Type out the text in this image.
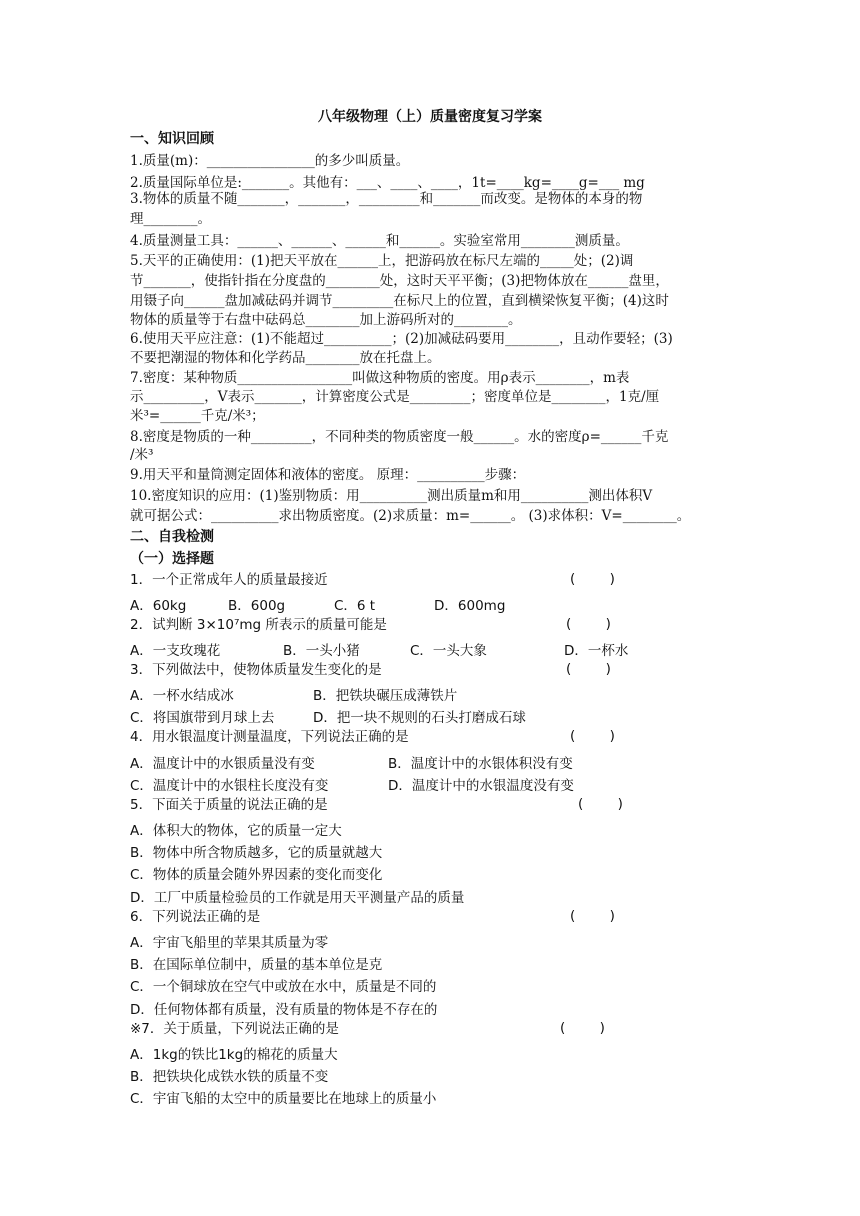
八年级物理（上）质量密度复习学案
一、知识回顾
1.质量(m)：________________的多少叫质量。
2.质量国际单位是:_______。其他有：___、____、____，1t=____kg=____g=___ mg
3.物体的质量不随_______，_______，_________和_______而改变。是物体的本身的物
理________。
4.质量测量工具：______、______、______和______。实验室常用________测质量。
5.天平的正确使用：(1)把天平放在______上，把游码放在标尺左端的_____处；(2)调
节_______，使指针指在分度盘的________处，这时天平平衡；(3)把物体放在______盘里，
用镊子向______盘加减砝码并调节_________在标尺上的位置，直到横梁恢复平衡；(4)这时
物体的质量等于右盘中砝码总________加上游码所对的________。
6.使用天平应注意：(1)不能超过__________；(2)加减砝码要用________，且动作要轻；(3)
不要把潮湿的物体和化学药品________放在托盘上。
7.密度：某种物质_________________叫做这种物质的密度。用ρ表示________，m表
示_________，V表示_______，计算密度公式是_________；密度单位是________，1克/厘
米³=______千克/米³；
8.密度是物质的一种_________，不同种类的物质密度一般______。水的密度ρ=______千克
/米³
9.用天平和量筒测定固体和液体的密度。 原理：__________步骤：
10.密度知识的应用：(1)鉴别物质：用__________测出质量m和用__________测出体积V
就可据公式：__________求出物质密度。(2)求质量：m=______。 (3)求体积：V=________。
二、自我检测
（一）选择题
1．一个正常成年人的质量最接近	(        )
A．60kg	B．600g	C．6 t	D．600mg
2．试判断 3×10⁷mg 所表示的质量可能是	(        )
A．一支玫瑰花	B．一头小猪	C．一头大象	D．一杯水
3．下列做法中，使物体质量发生变化的是	(        )
A．一杯水结成冰	B．把铁块碾压成薄铁片
C．将国旗带到月球上去	D．把一块不规则的石头打磨成石球
4．用水银温度计测量温度，下列说法正确的是	(        )
A．温度计中的水银质量没有变	B．温度计中的水银体积没有变
C．温度计中的水银柱长度没有变	D．温度计中的水银温度没有变
5．下面关于质量的说法正确的是	(        )
A．体积大的物体，它的质量一定大
B．物体中所含物质越多，它的质量就越大
C．物体的质量会随外界因素的变化而变化
D．工厂中质量检验员的工作就是用天平测量产品的质量
6．下列说法正确的是	(        )
A．宇宙飞船里的苹果其质量为零
B．在国际单位制中，质量的基本单位是克
C．一个铜球放在空气中或放在水中，质量是不同的
D．任何物体都有质量，没有质量的物体是不存在的
※7．关于质量，下列说法正确的是	(        )
A．1kg的铁比1kg的棉花的质量大
B．把铁块化成铁水铁的质量不变
C．宇宙飞船的太空中的质量要比在地球上的质量小
